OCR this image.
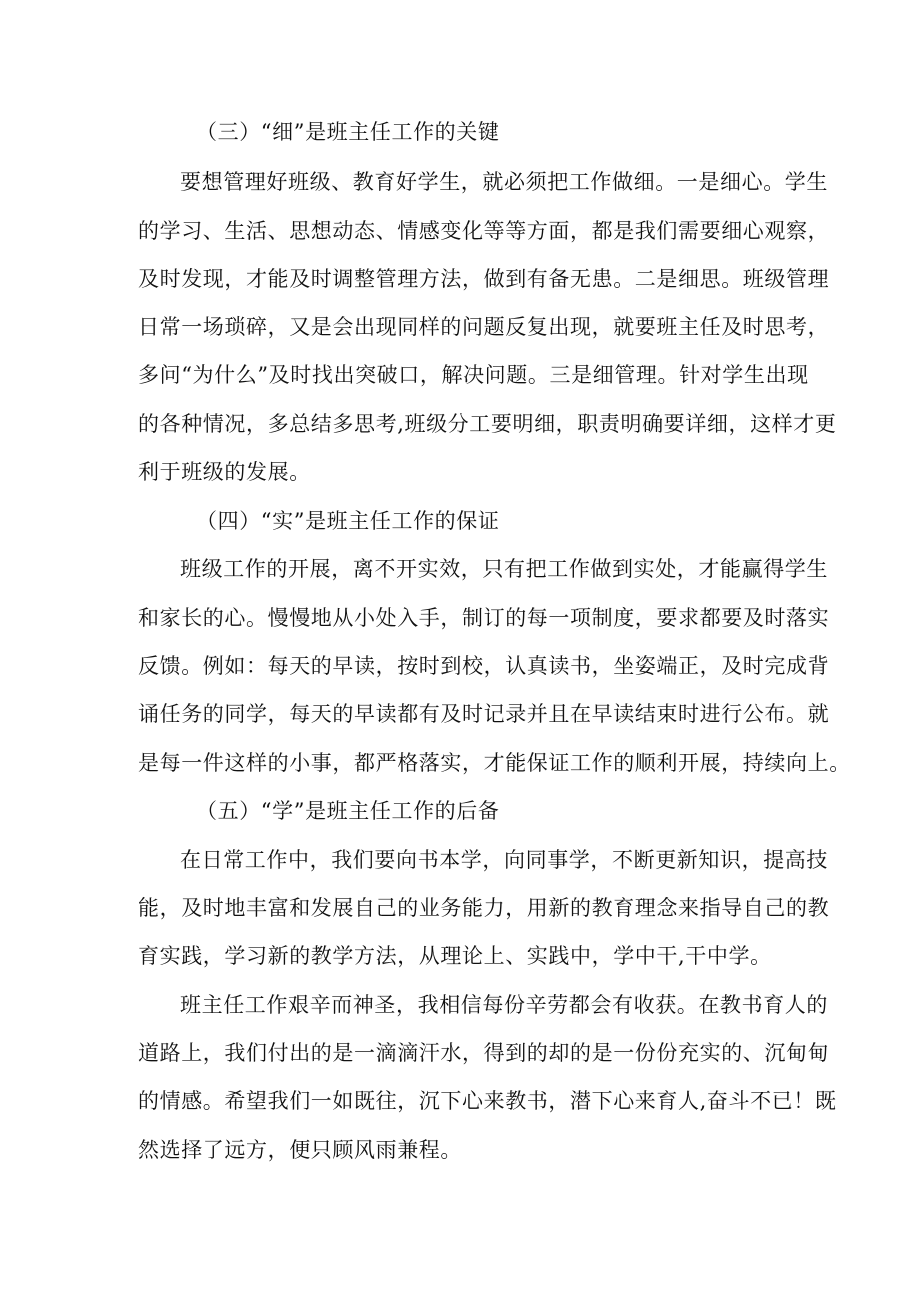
（三）“细”是班主任工作的关键
要想管理好班级、教育好学生，就必须把工作做细。一是细心。学生
的学习、生活、思想动态、情感变化等等方面，都是我们需要细心观察，
及时发现，才能及时调整管理方法，做到有备无患。二是细思。班级管理
日常一场琐碎，又是会出现同样的问题反复出现，就要班主任及时思考，
多问“为什么”及时找出突破口，解决问题。三是细管理。针对学生出现
的各种情况，多总结多思考,班级分工要明细，职责明确要详细，这样才更
利于班级的发展。
（四）“实”是班主任工作的保证
班级工作的开展，离不开实效，只有把工作做到实处，才能赢得学生
和家长的心。慢慢地从小处入手，制订的每一项制度，要求都要及时落实
反馈。例如：每天的早读，按时到校，认真读书，坐姿端正，及时完成背
诵任务的同学，每天的早读都有及时记录并且在早读结束时进行公布。就
是每一件这样的小事，都严格落实，才能保证工作的顺利开展，持续向上。
（五）“学”是班主任工作的后备
在日常工作中，我们要向书本学，向同事学，不断更新知识，提高技
能，及时地丰富和发展自己的业务能力，用新的教育理念来指导自己的教
育实践，学习新的教学方法，从理论上、实践中，学中干,干中学。
班主任工作艰辛而神圣，我相信每份辛劳都会有收获。在教书育人的
道路上，我们付出的是一滴滴汗水，得到的却的是一份份充实的、沉甸甸
的情感。希望我们一如既往，沉下心来教书，潜下心来育人,奋斗不已！既
然选择了远方，便只顾风雨兼程。
